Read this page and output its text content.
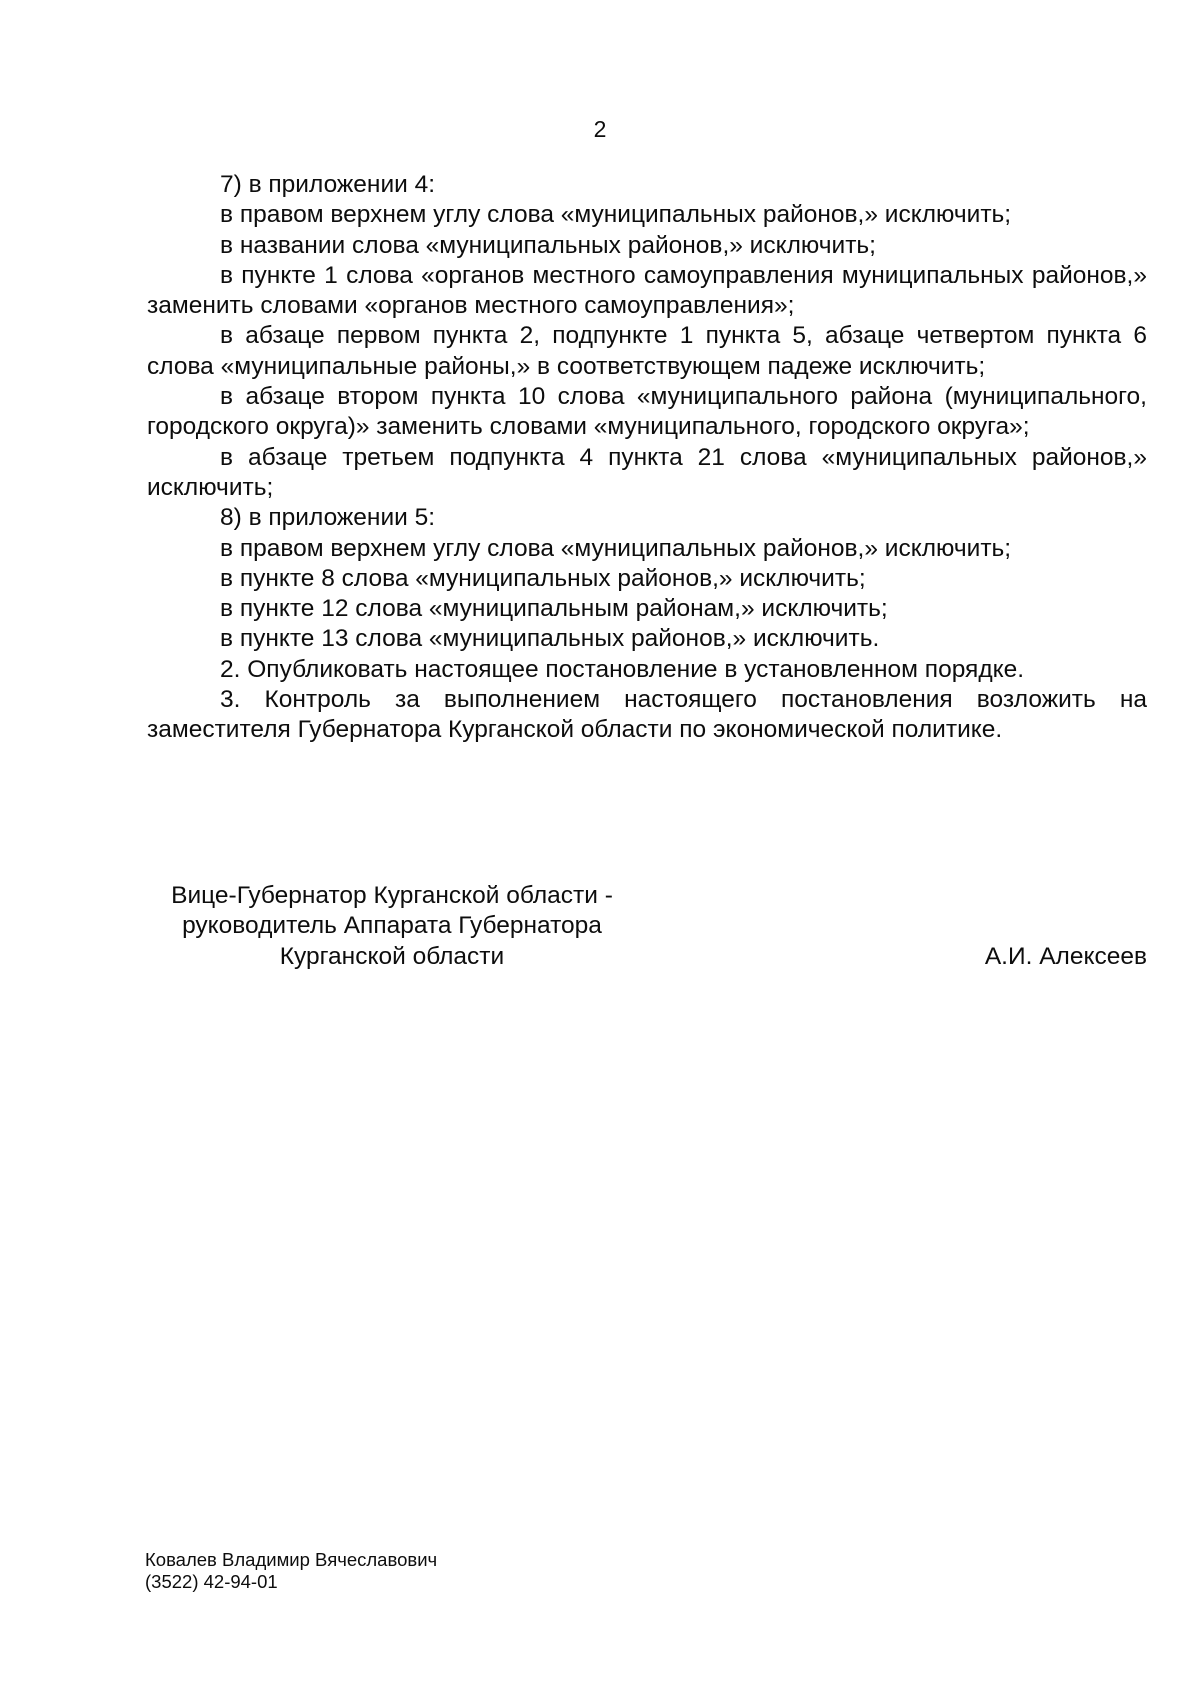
2

7) в приложении 4:

в правом верхнем углу слова «муниципальных районов,» исключить;

в названии слова «муниципальных районов,» исключить;

в пункте 1 слова «органов местного самоуправления муниципальных районов,» заменить словами «органов местного самоуправления»;

в абзаце первом пункта 2, подпункте 1 пункта 5, абзаце четвертом пункта 6 слова «муниципальные районы,» в соответствующем падеже исключить;

в абзаце втором пункта 10 слова «муниципального района (муниципального, городского округа)» заменить словами «муниципального, городского округа»;

в абзаце третьем подпункта 4 пункта 21 слова «муниципальных районов,» исключить;

8) в приложении 5:

в правом верхнем углу слова «муниципальных районов,» исключить;

в пункте 8 слова «муниципальных районов,» исключить;

в пункте 12 слова «муниципальным районам,» исключить;

в пункте 13 слова «муниципальных районов,» исключить.

2. Опубликовать настоящее постановление в установленном порядке.

3. Контроль за выполнением настоящего постановления возложить на заместителя Губернатора Курганской области по экономической политике.

Вице-Губернатор Курганской области -
руководитель Аппарата Губернатора
Курганской области	А.И. Алексеев
Ковалев Владимир Вячеславович
(3522) 42-94-01
